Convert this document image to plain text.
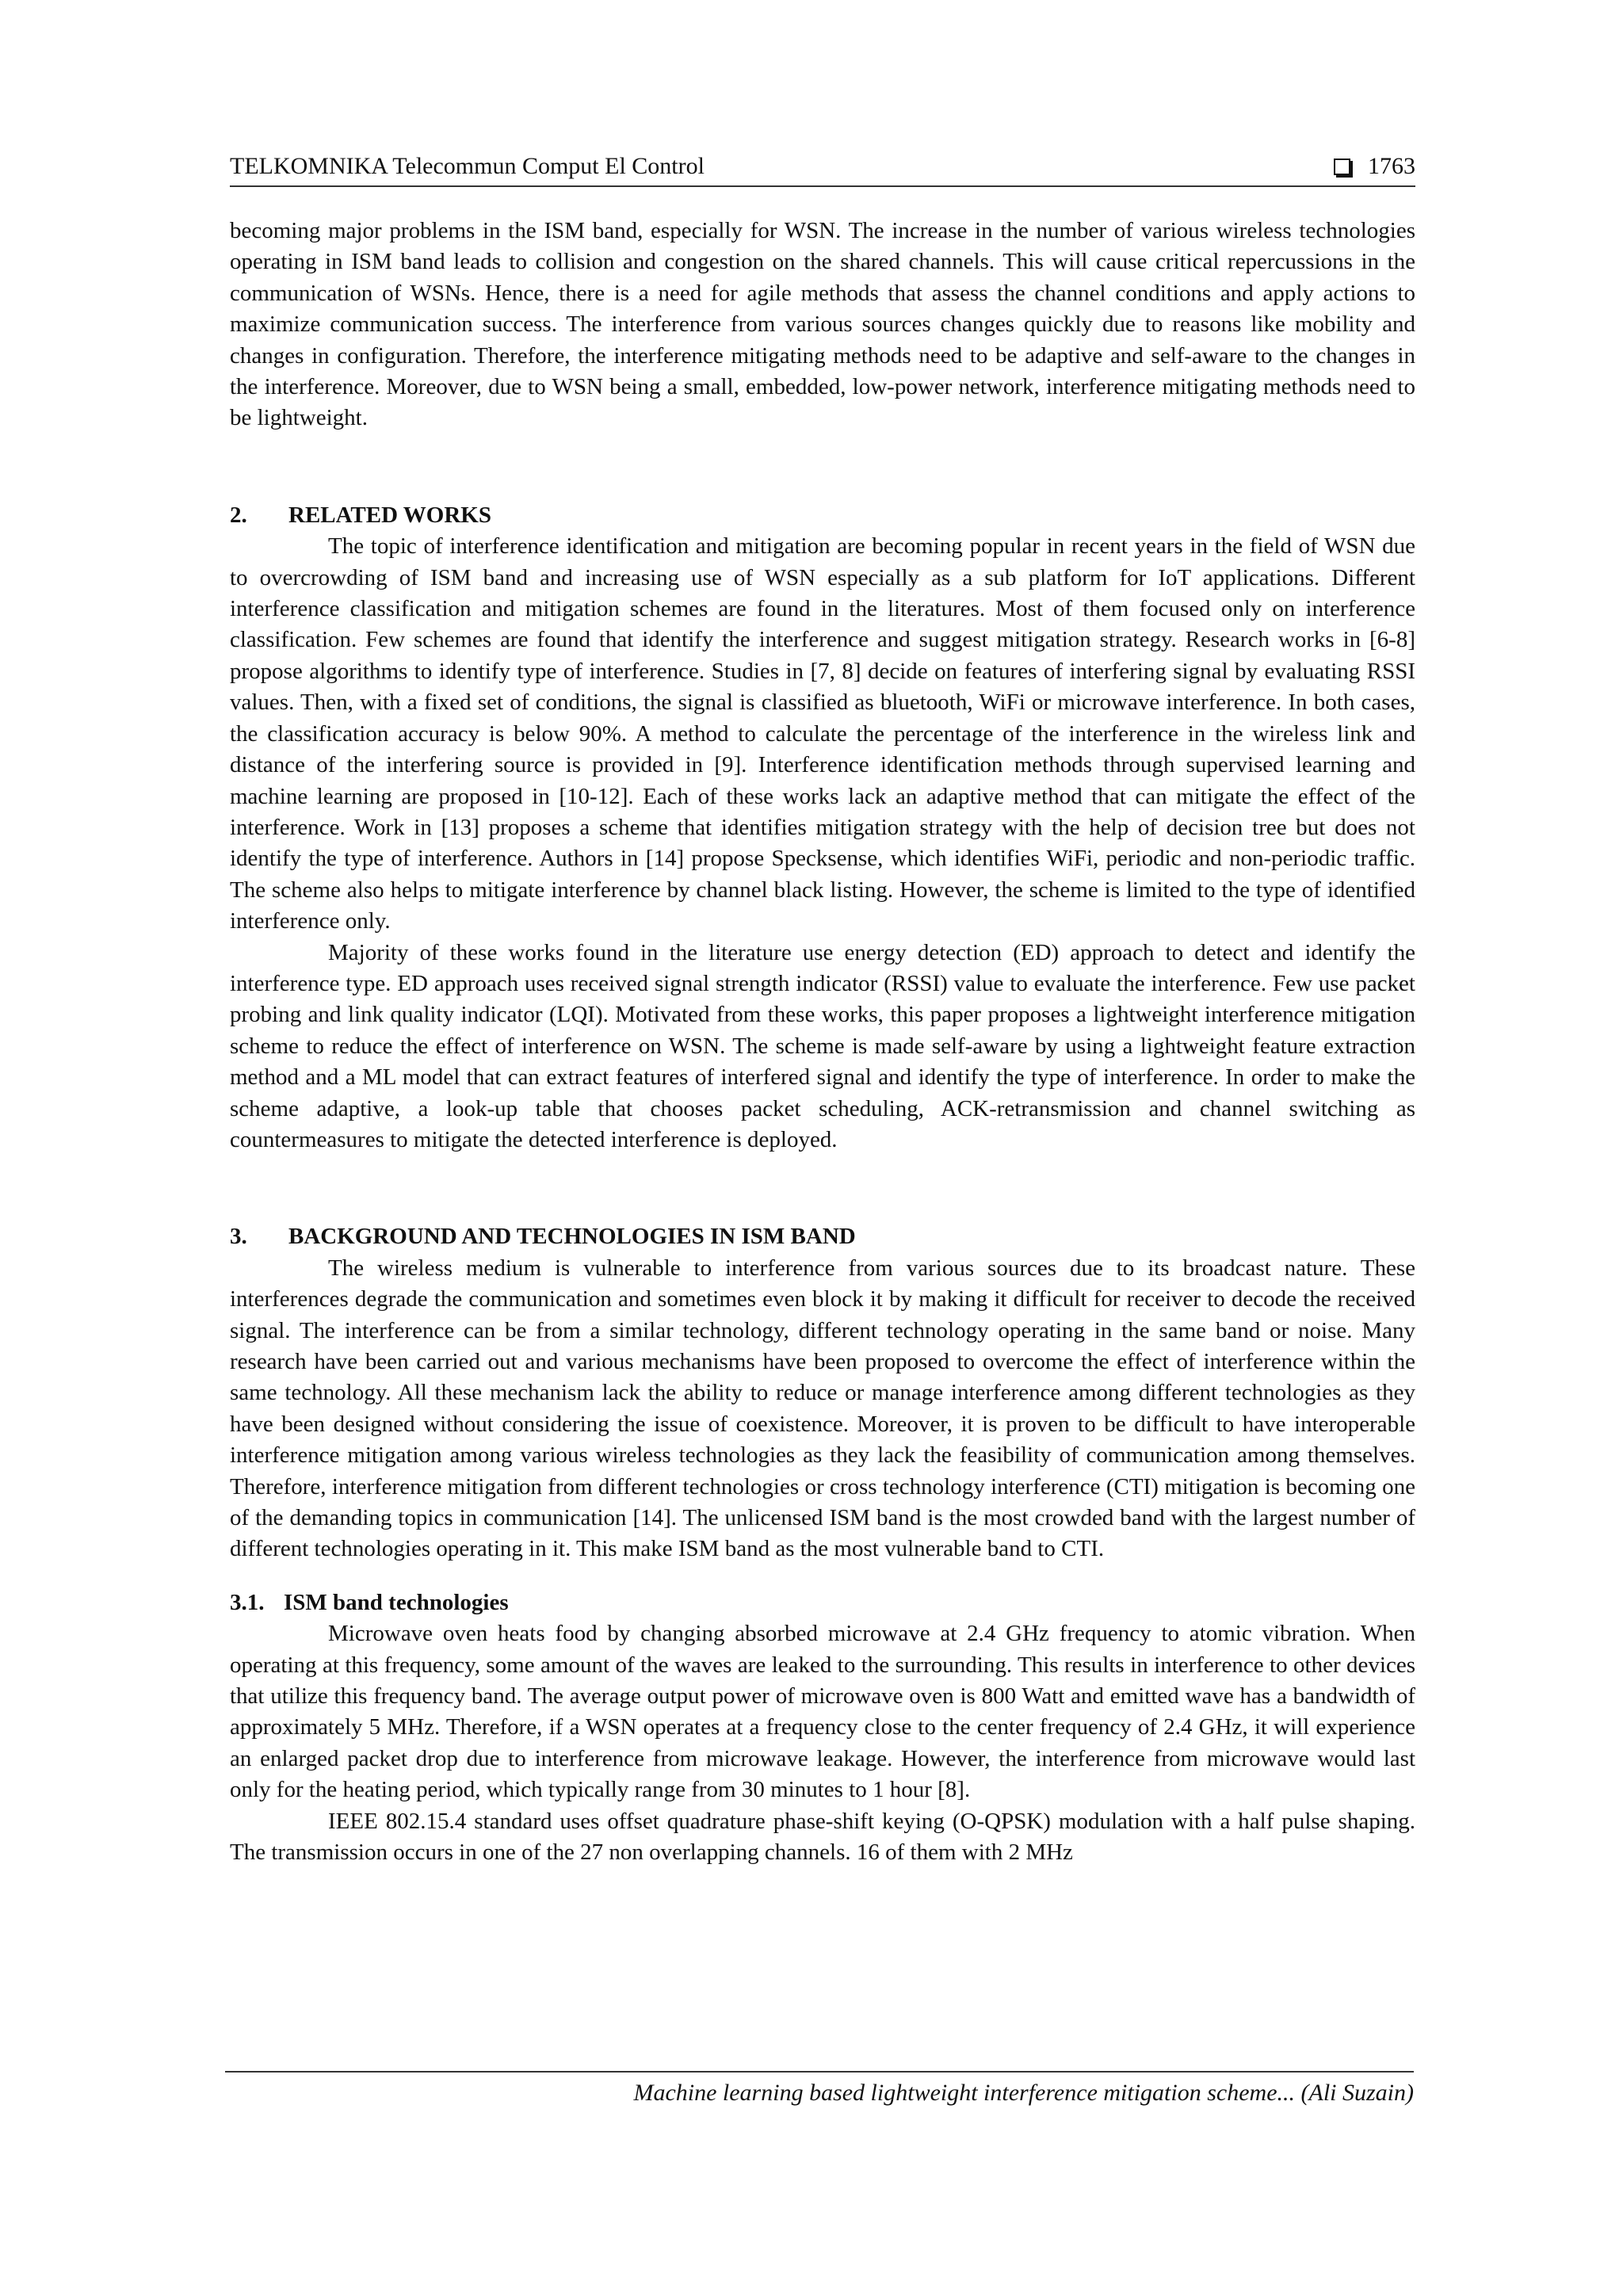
TELKOMNIKA Telecommun Comput El Control	1763

becoming major problems in the ISM band, especially for WSN. The increase in the number of various wireless technologies operating in ISM band leads to collision and congestion on the shared channels. This will cause critical repercussions in the communication of WSNs. Hence, there is a need for agile methods that assess the channel conditions and apply actions to maximize communication success. The interference from various sources changes quickly due to reasons like mobility and changes in configuration. Therefore, the interference mitigating methods need to be adaptive and self-aware to the changes in the interference. Moreover, due to WSN being a small, embedded, low-power network, interference mitigating methods need to be lightweight.

2. RELATED WORKS

The topic of interference identification and mitigation are becoming popular in recent years in the field of WSN due to overcrowding of ISM band and increasing use of WSN especially as a sub platform for IoT applications. Different interference classification and mitigation schemes are found in the literatures. Most of them focused only on interference classification. Few schemes are found that identify the interference and suggest mitigation strategy. Research works in [6-8] propose algorithms to identify type of interference. Studies in [7, 8] decide on features of interfering signal by evaluating RSSI values. Then, with a fixed set of conditions, the signal is classified as bluetooth, WiFi or microwave interference. In both cases, the classification accuracy is below 90%. A method to calculate the percentage of the interference in the wireless link and distance of the interfering source is provided in [9]. Interference identification methods through supervised learning and machine learning are proposed in [10-12]. Each of these works lack an adaptive method that can mitigate the effect of the interference. Work in [13] proposes a scheme that identifies mitigation strategy with the help of decision tree but does not identify the type of interference. Authors in [14] propose Specksense, which identifies WiFi, periodic and non-periodic traffic. The scheme also helps to mitigate interference by channel black listing. However, the scheme is limited to the type of identified interference only.

Majority of these works found in the literature use energy detection (ED) approach to detect and identify the interference type. ED approach uses received signal strength indicator (RSSI) value to evaluate the interference. Few use packet probing and link quality indicator (LQI). Motivated from these works, this paper proposes a lightweight interference mitigation scheme to reduce the effect of interference on WSN. The scheme is made self-aware by using a lightweight feature extraction method and a ML model that can extract features of interfered signal and identify the type of interference. In order to make the scheme adaptive, a look-up table that chooses packet scheduling, ACK-retransmission and channel switching as countermeasures to mitigate the detected interference is deployed.

3. BACKGROUND AND TECHNOLOGIES IN ISM BAND

The wireless medium is vulnerable to interference from various sources due to its broadcast nature. These interferences degrade the communication and sometimes even block it by making it difficult for receiver to decode the received signal. The interference can be from a similar technology, different technology operating in the same band or noise. Many research have been carried out and various mechanisms have been proposed to overcome the effect of interference within the same technology. All these mechanism lack the ability to reduce or manage interference among different technologies as they have been designed without considering the issue of coexistence. Moreover, it is proven to be difficult to have interoperable interference mitigation among various wireless technologies as they lack the feasibility of communication among themselves. Therefore, interference mitigation from different technologies or cross technology interference (CTI) mitigation is becoming one of the demanding topics in communication [14]. The unlicensed ISM band is the most crowded band with the largest number of different technologies operating in it. This make ISM band as the most vulnerable band to CTI.

3.1. ISM band technologies

Microwave oven heats food by changing absorbed microwave at 2.4 GHz frequency to atomic vibration. When operating at this frequency, some amount of the waves are leaked to the surrounding. This results in interference to other devices that utilize this frequency band. The average output power of microwave oven is 800 Watt and emitted wave has a bandwidth of approximately 5 MHz. Therefore, if a WSN operates at a frequency close to the center frequency of 2.4 GHz, it will experience an enlarged packet drop due to interference from microwave leakage. However, the interference from microwave would last only for the heating period, which typically range from 30 minutes to 1 hour [8].

IEEE 802.15.4 standard uses offset quadrature phase-shift keying (O-QPSK) modulation with a half pulse shaping. The transmission occurs in one of the 27 non overlapping channels. 16 of them with 2 MHz

Machine learning based lightweight interference mitigation scheme... (Ali Suzain)
